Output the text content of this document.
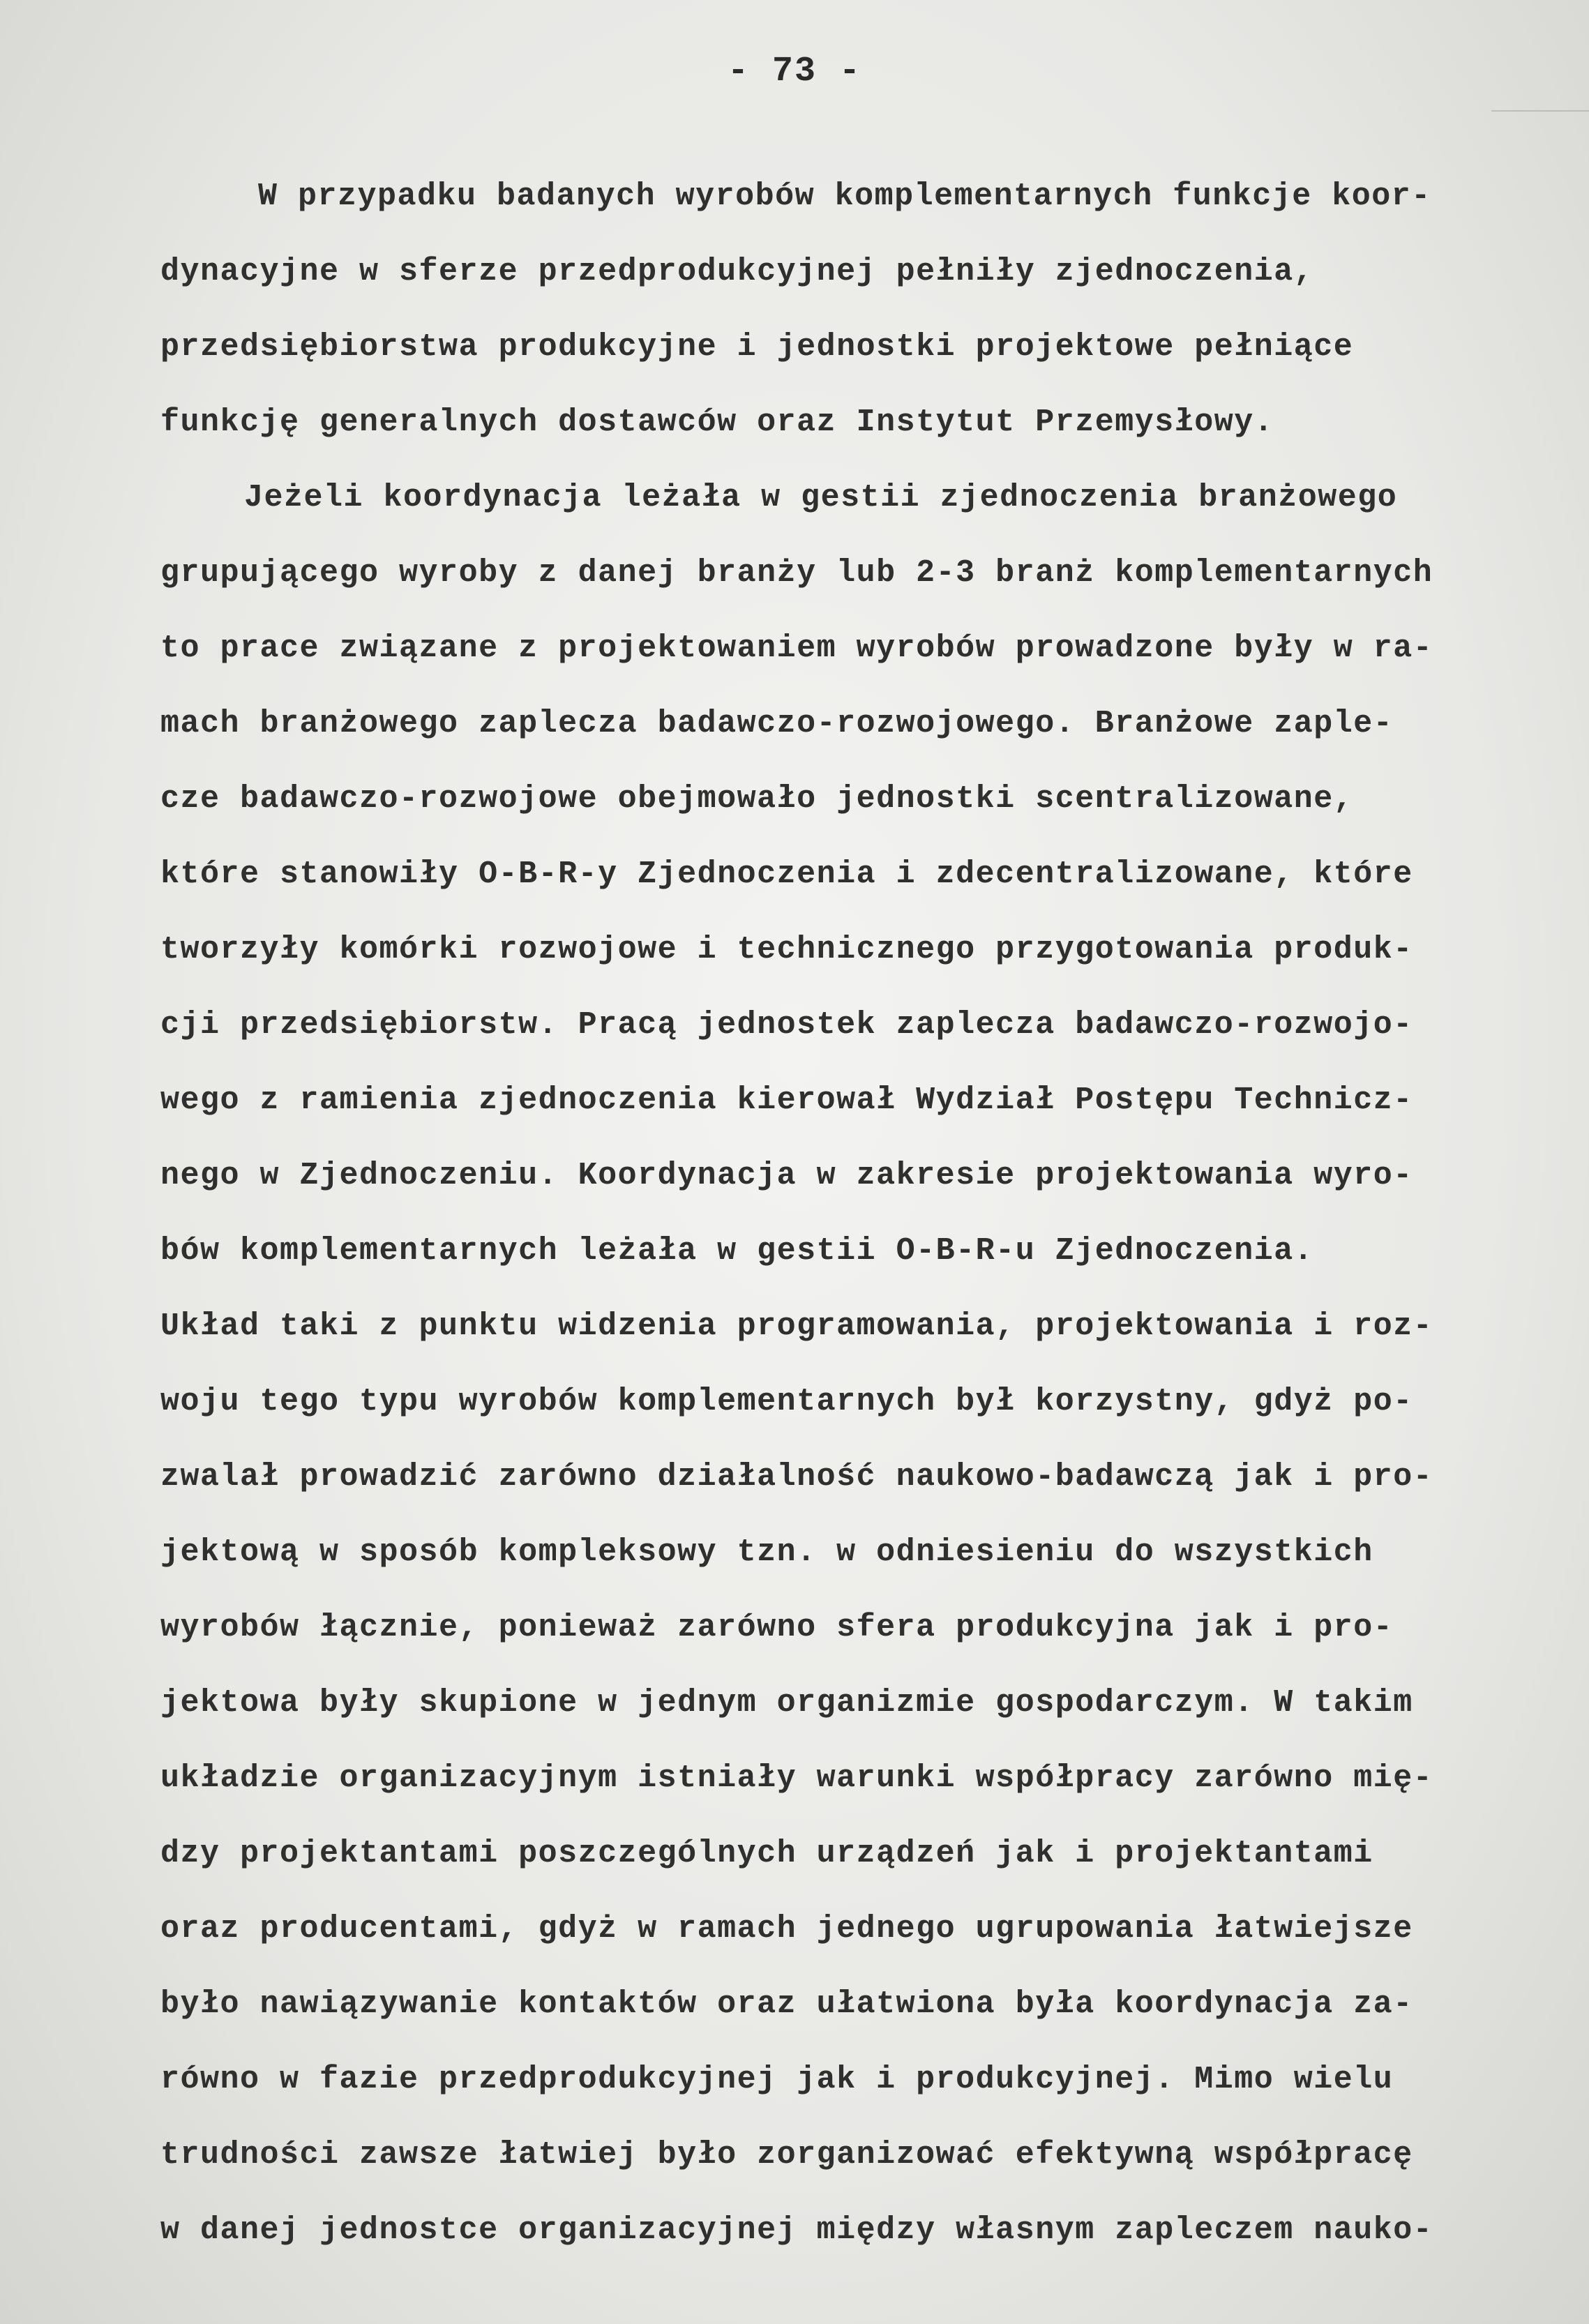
- 73 -
W przypadku badanych wyrobów komplementarnych funkcje koor-
dynacyjne w sferze przedprodukcyjnej pełniły zjednoczenia,
przedsiębiorstwa produkcyjne i jednostki projektowe pełniące
funkcję generalnych dostawców oraz Instytut Przemysłowy.
Jeżeli koordynacja leżała w gestii zjednoczenia branżowego
grupującego wyroby z danej branży lub 2-3 branż komplementarnych
to prace związane z projektowaniem wyrobów prowadzone były w ra-
mach branżowego zaplecza badawczo-rozwojowego. Branżowe zaple-
cze badawczo-rozwojowe obejmowało jednostki scentralizowane,
które stanowiły O-B-R-y Zjednoczenia i zdecentralizowane, które
tworzyły komórki rozwojowe i technicznego przygotowania produk-
cji przedsiębiorstw. Pracą jednostek zaplecza badawczo-rozwojo-
wego z ramienia zjednoczenia kierował Wydział Postępu Technicz-
nego w Zjednoczeniu. Koordynacja w zakresie projektowania wyro-
bów komplementarnych leżała w gestii O-B-R-u Zjednoczenia.
Układ taki z punktu widzenia programowania, projektowania i roz-
woju tego typu wyrobów komplementarnych był korzystny, gdyż po-
zwalał prowadzić zarówno działalność naukowo-badawczą jak i pro-
jektową w sposób kompleksowy tzn. w odniesieniu do wszystkich
wyrobów łącznie, ponieważ zarówno sfera produkcyjna jak i pro-
jektowa były skupione w jednym organizmie gospodarczym. W takim
układzie organizacyjnym istniały warunki współpracy zarówno mię-
dzy projektantami poszczególnych urządzeń jak i projektantami
oraz producentami, gdyż w ramach jednego ugrupowania łatwiejsze
było nawiązywanie kontaktów oraz ułatwiona była koordynacja za-
równo w fazie przedprodukcyjnej jak i produkcyjnej. Mimo wielu
trudności zawsze łatwiej było zorganizować efektywną współpracę
w danej jednostce organizacyjnej między własnym zapleczem nauko-
